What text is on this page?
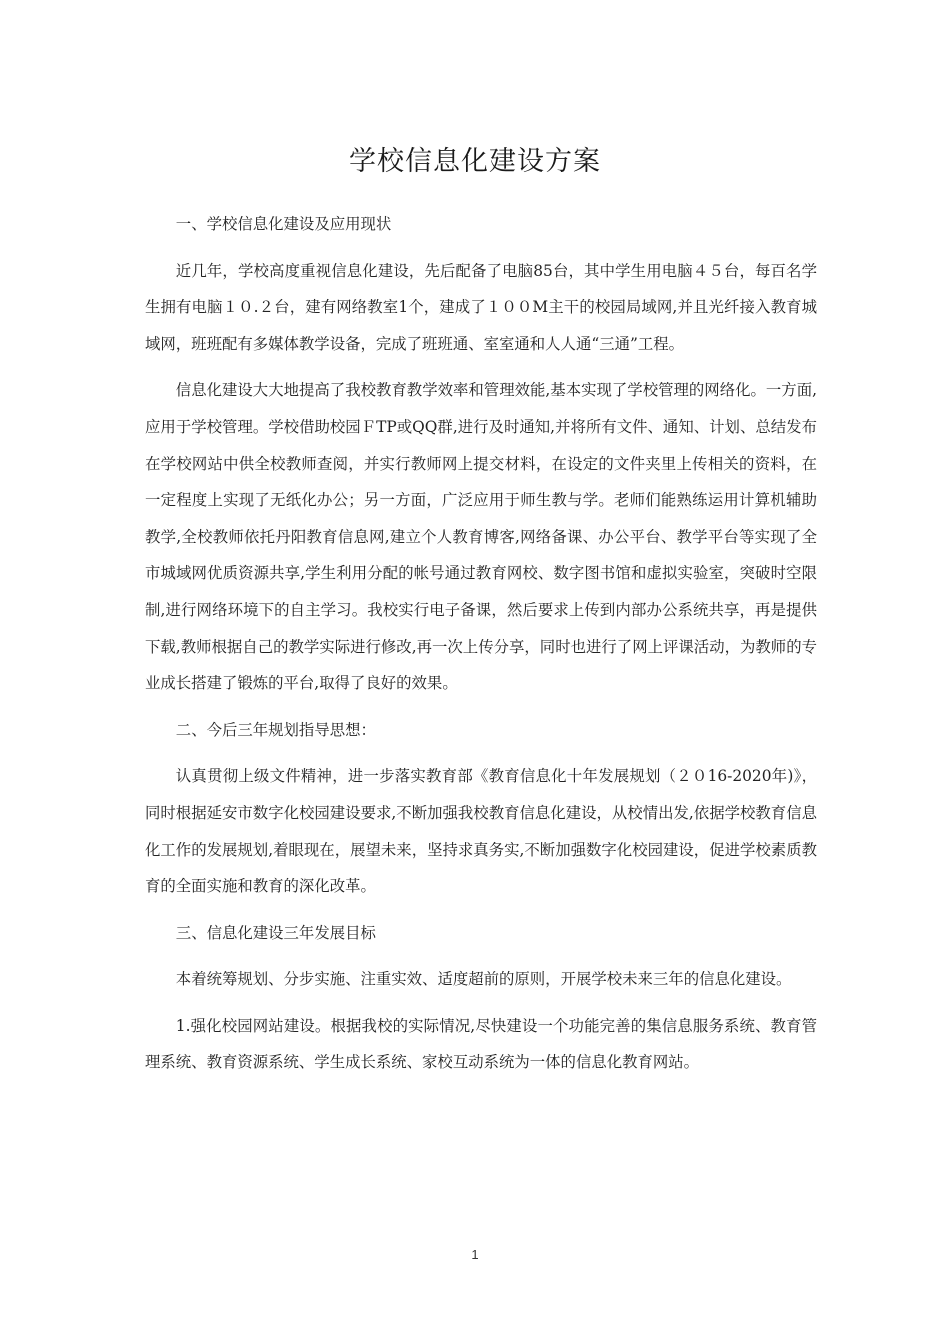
学校信息化建设方案

一、学校信息化建设及应用现状

近几年，学校高度重视信息化建设，先后配备了电脑85台，其中学生用电脑４５台，每百名学生拥有电脑１０.２台，建有网络教室1个，建成了１００M主干的校园局域网,并且光纤接入教育城域网，班班配有多媒体教学设备，完成了班班通、室室通和人人通“三通”工程。

信息化建设大大地提高了我校教育教学效率和管理效能,基本实现了学校管理的网络化。一方面,应用于学校管理。学校借助校园ＦTP或QQ群,进行及时通知,并将所有文件、通知、计划、总结发布在学校网站中供全校教师查阅，并实行教师网上提交材料，在设定的文件夹里上传相关的资料，在一定程度上实现了无纸化办公；另一方面，广泛应用于师生教与学。老师们能熟练运用计算机辅助教学,全校教师依托丹阳教育信息网,建立个人教育博客,网络备课、办公平台、教学平台等实现了全市城域网优质资源共享,学生利用分配的帐号通过教育网校、数字图书馆和虚拟实验室，突破时空限制,进行网络环境下的自主学习。我校实行电子备课，然后要求上传到内部办公系统共享，再是提供下载,教师根据自己的教学实际进行修改,再一次上传分享，同时也进行了网上评课活动，为教师的专业成长搭建了锻炼的平台,取得了良好的效果。

二、今后三年规划指导思想：

认真贯彻上级文件精神，进一步落实教育部《教育信息化十年发展规划（２０16-2020年)》，同时根据延安市数字化校园建设要求,不断加强我校教育信息化建设，从校情出发,依据学校教育信息化工作的发展规划,着眼现在，展望未来，坚持求真务实,不断加强数字化校园建设，促进学校素质教育的全面实施和教育的深化改革。

三、信息化建设三年发展目标

本着统筹规划、分步实施、注重实效、适度超前的原则，开展学校未来三年的信息化建设。

1.强化校园网站建设。根据我校的实际情况,尽快建设一个功能完善的集信息服务系统、教育管理系统、教育资源系统、学生成长系统、家校互动系统为一体的信息化教育网站。

1
